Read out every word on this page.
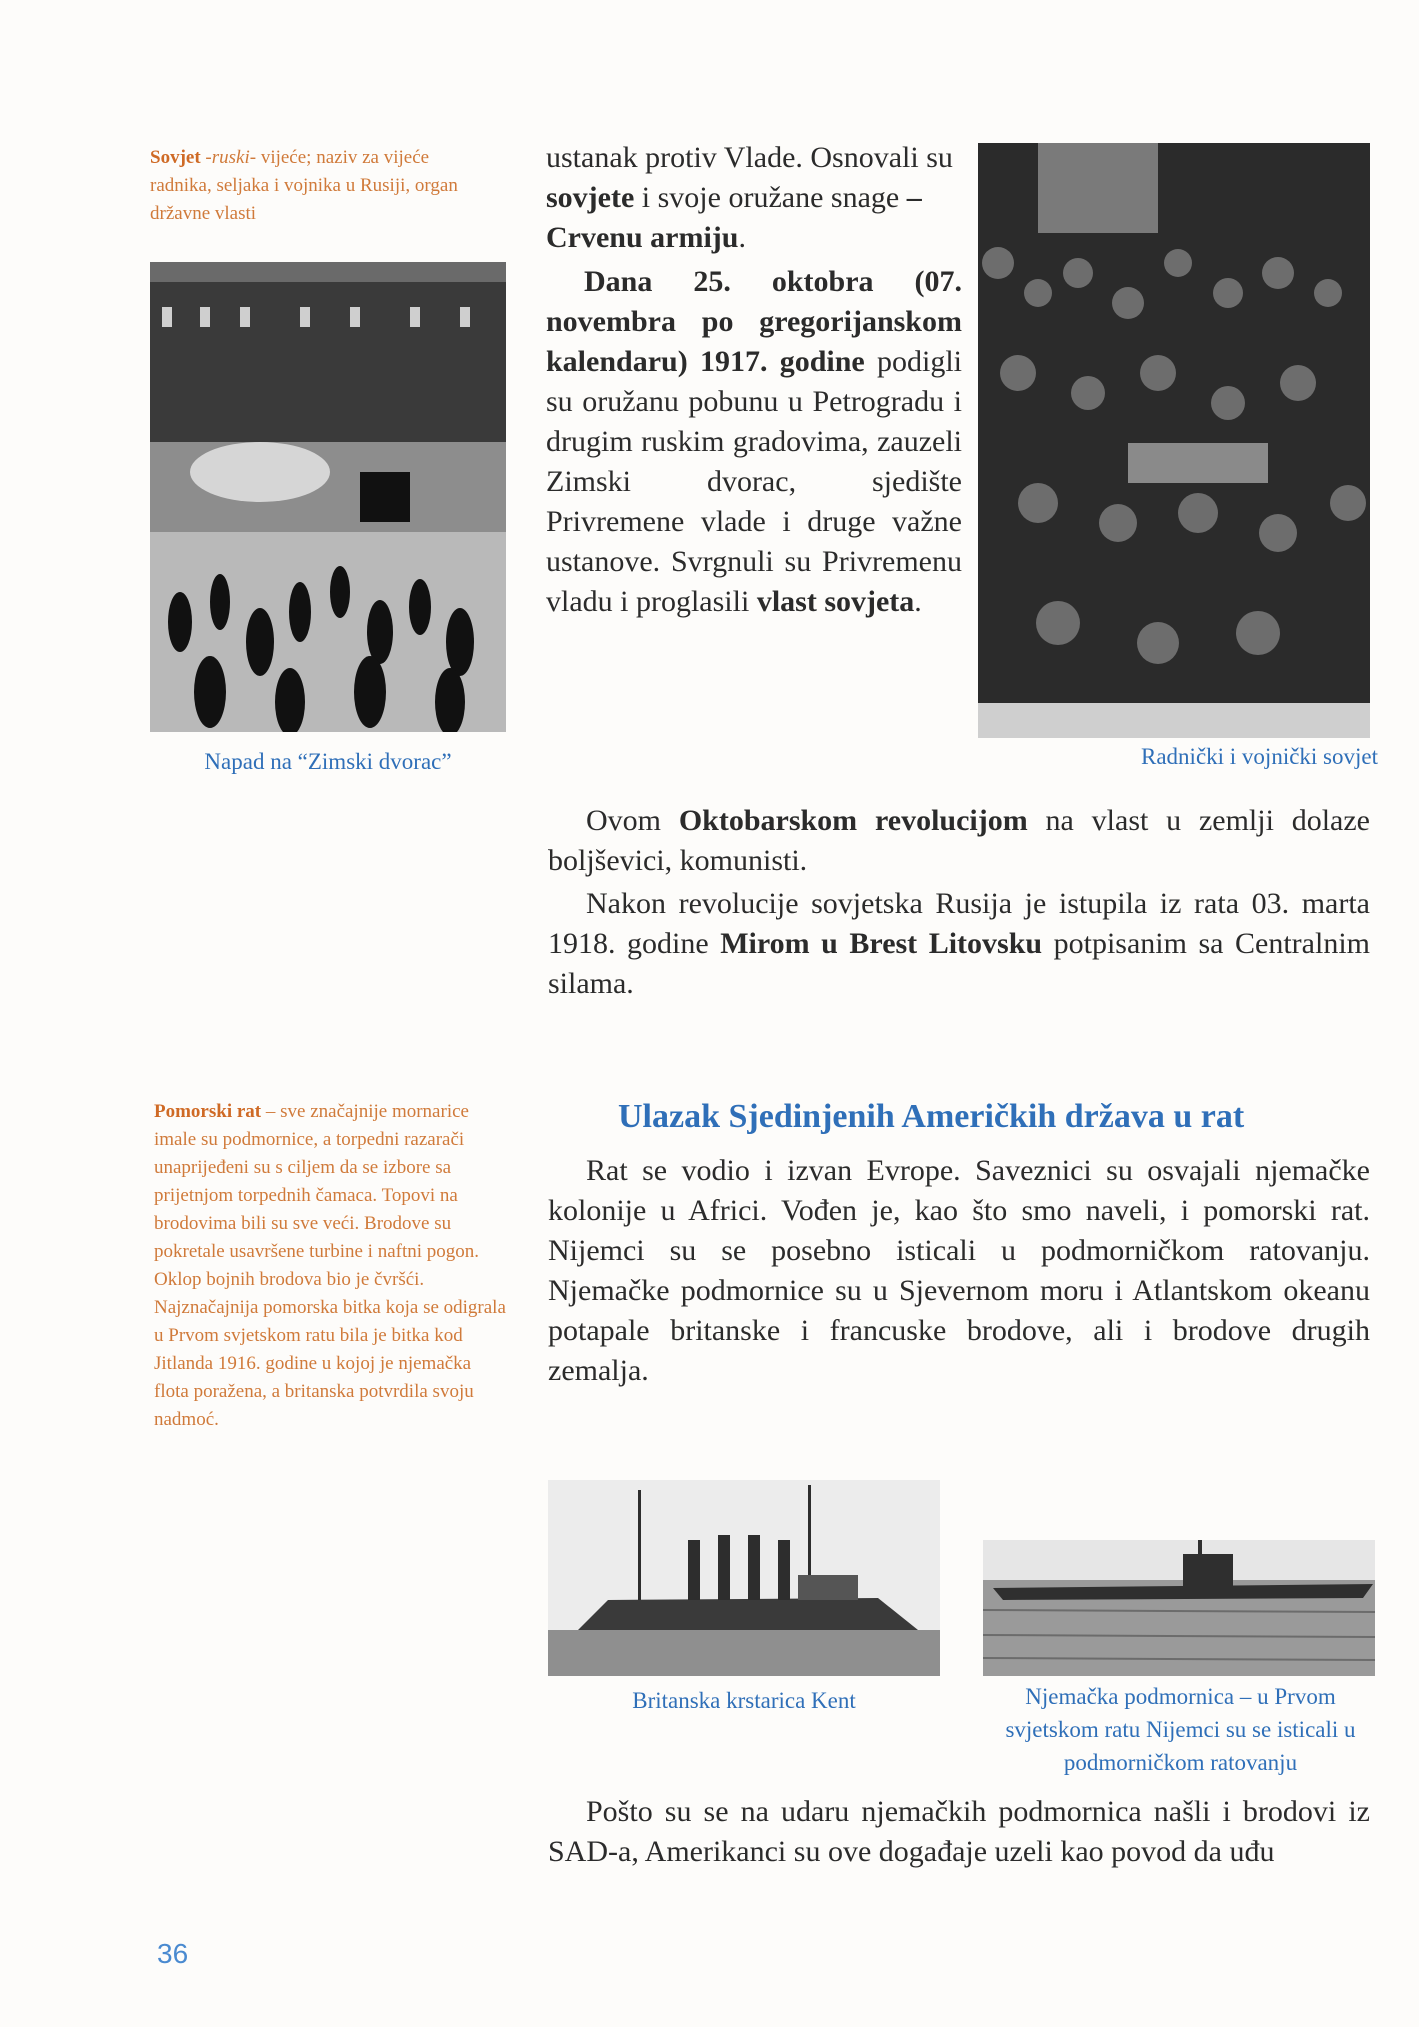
Sovjet -ruski- vijeće; naziv za vijeće radnika, seljaka i vojnika u Rusiji, organ državne vlasti
Napad na “Zimski dvorac”
ustanak protiv Vlade. Osnovali su sovjete i svoje oružane snage – Crvenu armiju.
Dana 25. oktobra (07. novembra po gregorijanskom kalendaru) 1917. godine podigli su oružanu pobunu u Petrogradu i drugim ruskim gradovima, zauzeli Zimski dvorac, sjedište Privremene vlade i druge važne ustanove. Svrgnuli su Privremenu vladu i proglasili vlast sovjeta.
Radnički i vojnički sovjet
Ovom Oktobarskom revolucijom na vlast u zemlji dolaze boljševici, komunisti.
Nakon revolucije sovjetska Rusija je istupila iz rata 03. marta 1918. godine Mirom u Brest Litovsku potpisanim sa Centralnim silama.
Pomorski rat – sve značajnije mornarice imale su podmornice, a torpedni razarači unaprijeđeni su s ciljem da se izbore sa prijetnjom torpednih čamaca. Topovi na brodovima bili su sve veći. Brodove su pokretale usavršene turbine i naftni pogon. Oklop bojnih brodova bio je čvršći. Najznačajnija pomorska bitka koja se odigrala u Prvom svjetskom ratu bila je bitka kod Jitlanda 1916. godine u kojoj je njemačka flota poražena, a britanska potvrdila svoju nadmoć.
Ulazak Sjedinjenih Američkih država u rat
Rat se vodio i izvan Evrope. Saveznici su osvajali njemačke kolonije u Africi. Vođen je, kao što smo naveli, i pomorski rat. Nijemci su se posebno isticali u podmorničkom ratovanju. Njemačke podmornice su u Sjevernom moru i Atlantskom okeanu potapale britanske i francuske brodove, ali i brodove drugih zemalja.
Britanska krstarica Kent	Njemačka podmornica – u Prvom svjetskom ratu Nijemci su se isticali u podmorničkom ratovanju
Pošto su se na udaru njemačkih podmornica našli i brodovi iz SAD-a, Amerikanci su ove događaje uzeli kao povod da uđu
36
